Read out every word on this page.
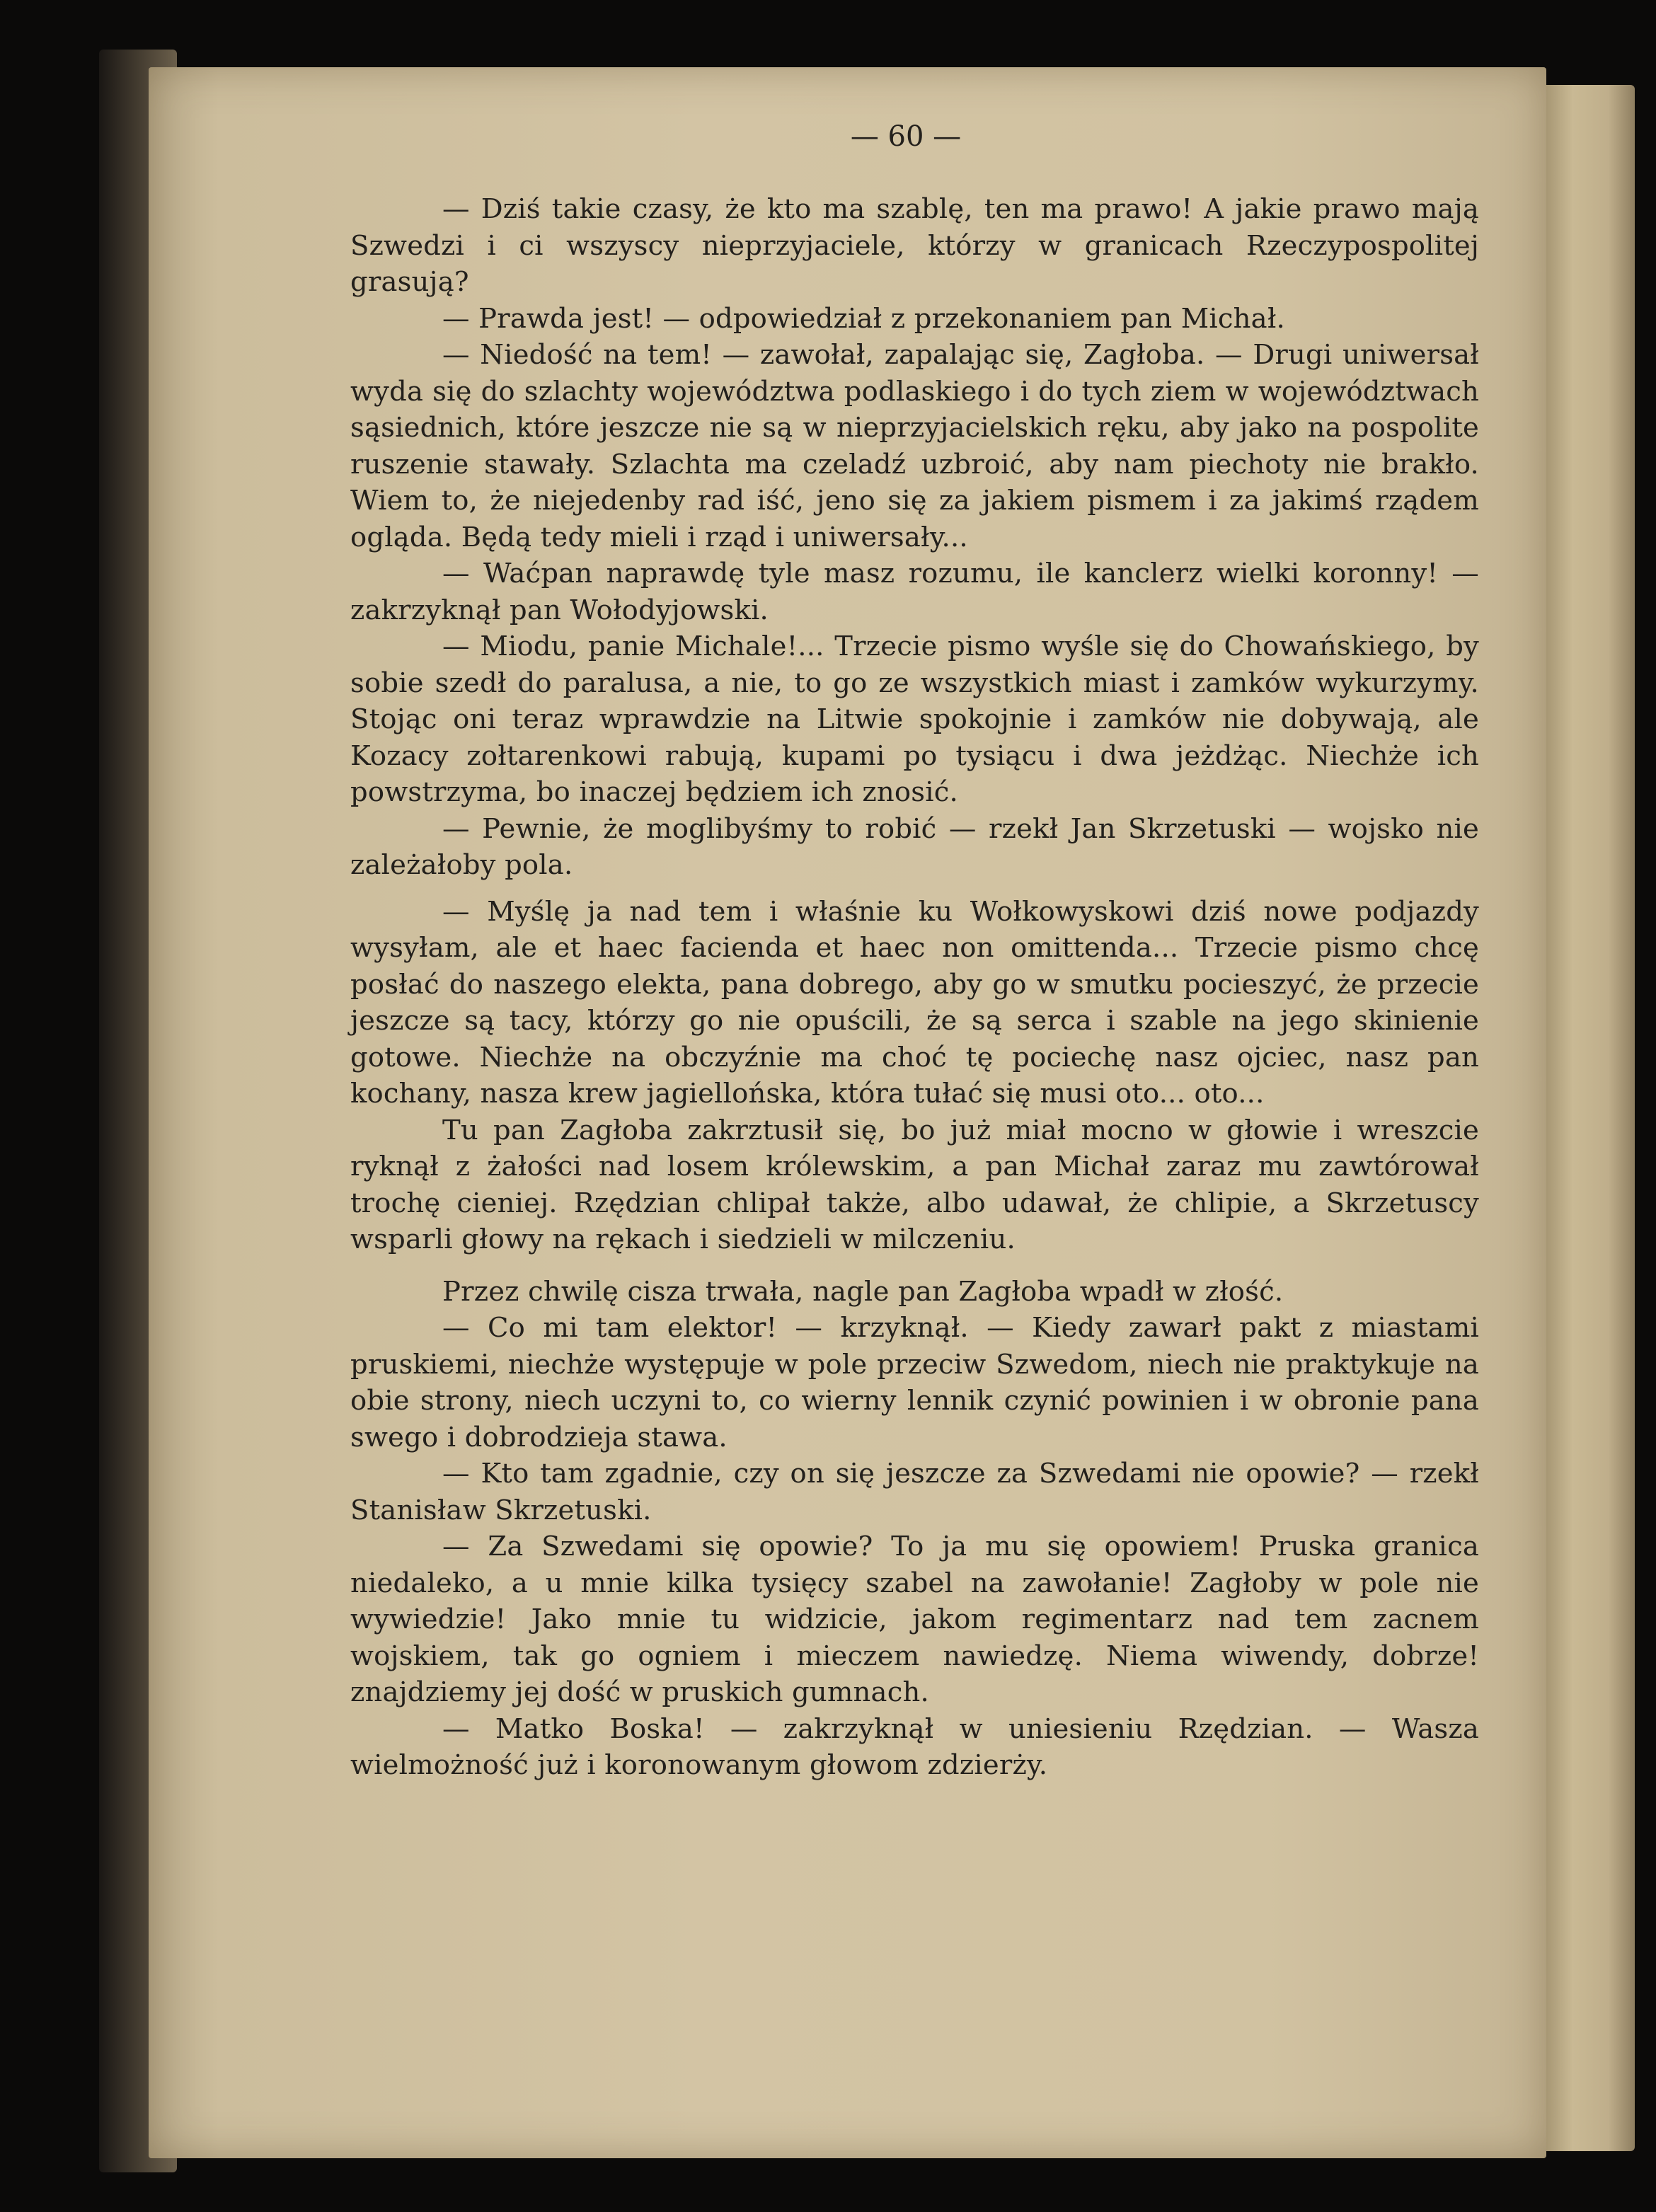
— 60 —

— Dziś takie czasy, że kto ma szablę, ten ma prawo! A jakie prawo mają Szwedzi i ci wszyscy nieprzyjaciele, którzy w granicach Rzeczypospolitej grasują?

— Prawda jest! — odpowiedział z przekonaniem pan Michał.

— Niedość na tem! — zawołał, zapalając się, Zagłoba. — Drugi uniwersał wyda się do szlachty województwa podlaskiego i do tych ziem w województwach sąsiednich, które jeszcze nie są w nieprzyjacielskich ręku, aby jako na pospolite ruszenie stawały. Szlachta ma czeladź uzbroić, aby nam piechoty nie brakło. Wiem to, że niejedenby rad iść, jeno się za jakiem pismem i za jakimś rządem ogląda. Będą tedy mieli i rząd i uniwersały...

— Waćpan naprawdę tyle masz rozumu, ile kanclerz wielki koronny! — zakrzyknął pan Wołodyjowski.

— Miodu, panie Michale!... Trzecie pismo wyśle się do Chowańskiego, by sobie szedł do paralusa, a nie, to go ze wszystkich miast i zamków wykurzymy. Stojąc oni teraz wprawdzie na Litwie spokojnie i zamków nie dobywają, ale Kozacy zołtarenkowi rabują, kupami po tysiącu i dwa jeżdżąc. Niechże ich powstrzyma, bo inaczej będziem ich znosić.

— Pewnie, że moglibyśmy to robić — rzekł Jan Skrzetuski — wojsko nie zależałoby pola.

— Myślę ja nad tem i właśnie ku Wołkowyskowi dziś nowe podjazdy wysyłam, ale et haec facienda et haec non omittenda... Trzecie pismo chcę posłać do naszego elekta, pana dobrego, aby go w smutku pocieszyć, że przecie jeszcze są tacy, którzy go nie opuścili, że są serca i szable na jego skinienie gotowe. Niechże na obczyźnie ma choć tę pociechę nasz ojciec, nasz pan kochany, nasza krew jagiellońska, która tułać się musi oto... oto...

Tu pan Zagłoba zakrztusił się, bo już miał mocno w głowie i wreszcie ryknął z żałości nad losem królewskim, a pan Michał zaraz mu zawtórował trochę cieniej. Rzędzian chlipał także, albo udawał, że chlipie, a Skrzetuscy wsparli głowy na rękach i siedzieli w milczeniu.

Przez chwilę cisza trwała, nagle pan Zagłoba wpadł w złość.

— Co mi tam elektor! — krzyknął. — Kiedy zawarł pakt z miastami pruskiemi, niechże występuje w pole przeciw Szwedom, niech nie praktykuje na obie strony, niech uczyni to, co wierny lennik czynić powinien i w obronie pana swego i dobrodzieja stawa.

— Kto tam zgadnie, czy on się jeszcze za Szwedami nie opowie? — rzekł Stanisław Skrzetuski.

— Za Szwedami się opowie? To ja mu się opowiem! Pruska granica niedaleko, a u mnie kilka tysięcy szabel na zawołanie! Zagłoby w pole nie wywiedzie! Jako mnie tu widzicie, jakom regimentarz nad tem zacnem wojskiem, tak go ogniem i mieczem nawiedzę. Niema wiwendy, dobrze! znajdziemy jej dość w pruskich gumnach.

— Matko Boska! — zakrzyknął w uniesieniu Rzędzian. — Wasza wielmożność już i koronowanym głowom zdzierży.
